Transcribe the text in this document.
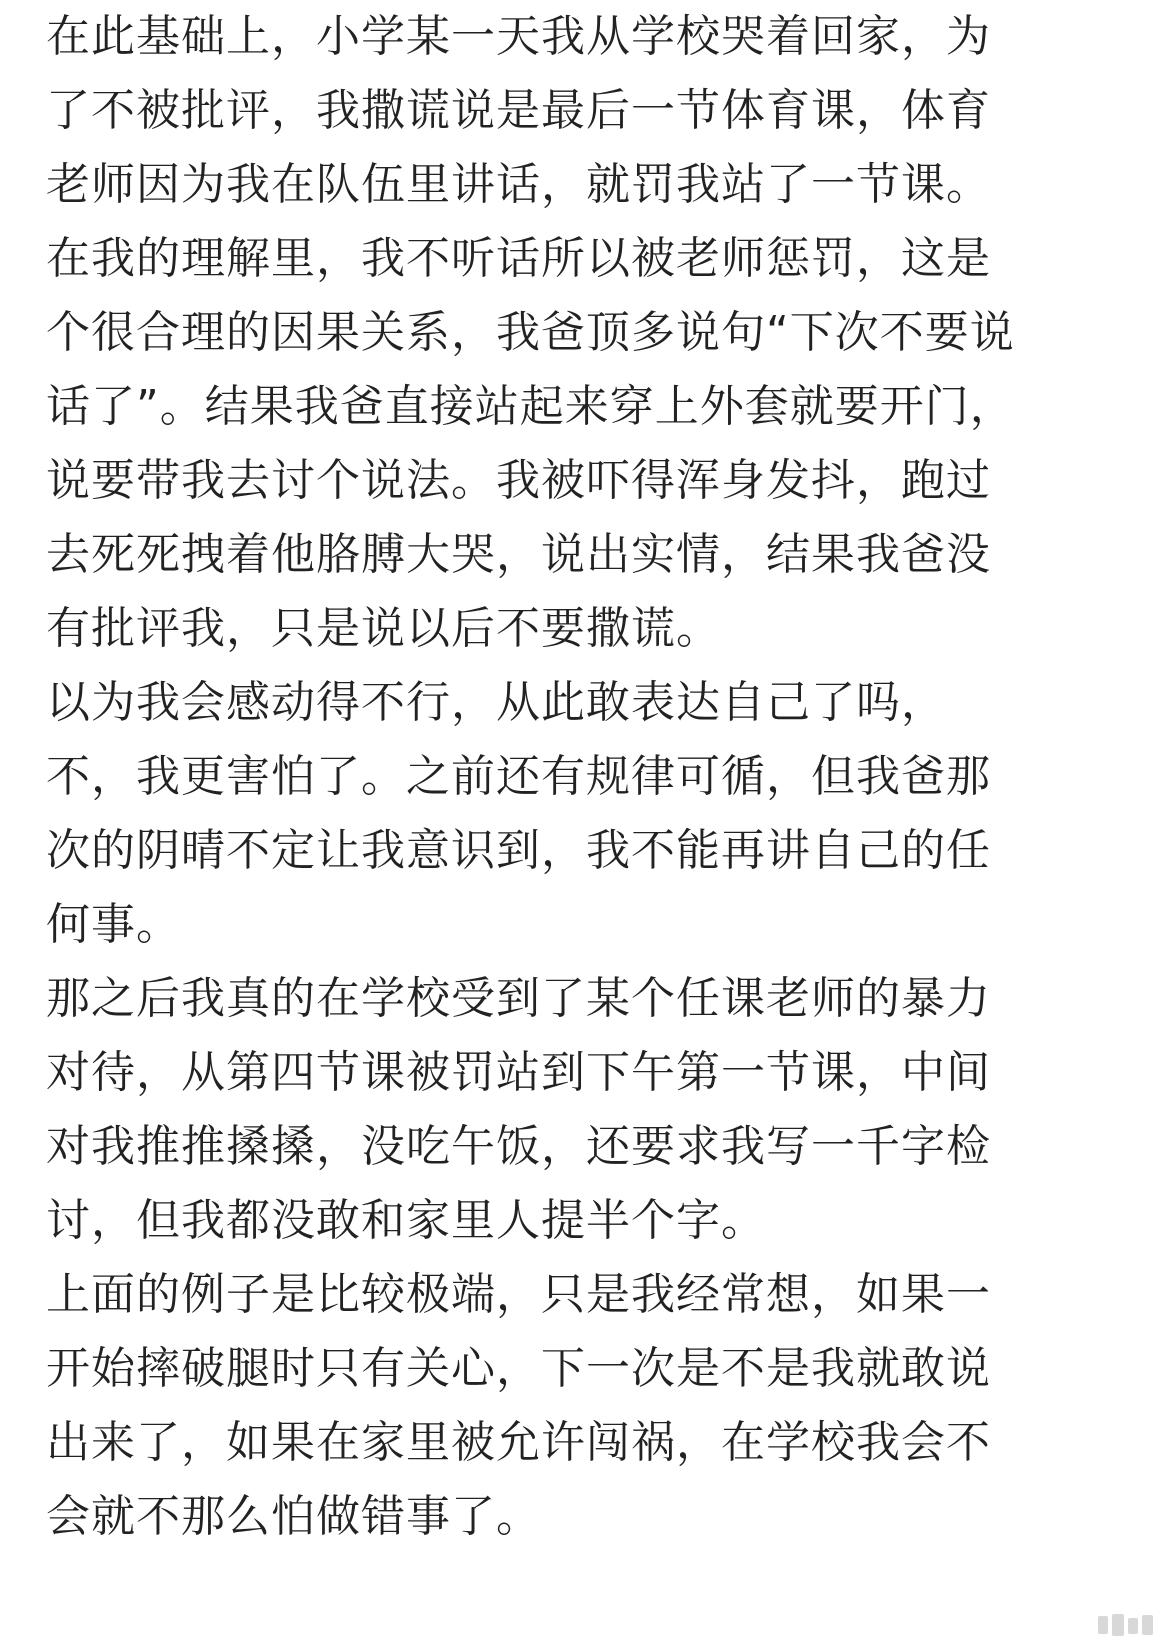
在此基础上，小学某一天我从学校哭着回家，为
了不被批评，我撒谎说是最后一节体育课，体育
老师因为我在队伍里讲话，就罚我站了一节课。
在我的理解里，我不听话所以被老师惩罚，这是
个很合理的因果关系，我爸顶多说句“下次不要说
话了”。结果我爸直接站起来穿上外套就要开门，
说要带我去讨个说法。我被吓得浑身发抖，跑过
去死死拽着他胳膊大哭，说出实情，结果我爸没
有批评我，只是说以后不要撒谎。
以为我会感动得不行，从此敢表达自己了吗，
不，我更害怕了。之前还有规律可循，但我爸那
次的阴晴不定让我意识到，我不能再讲自己的任
何事。
那之后我真的在学校受到了某个任课老师的暴力
对待，从第四节课被罚站到下午第一节课，中间
对我推推搡搡，没吃午饭，还要求我写一千字检
讨，但我都没敢和家里人提半个字。
上面的例子是比较极端，只是我经常想，如果一
开始摔破腿时只有关心，下一次是不是我就敢说
出来了，如果在家里被允许闯祸，在学校我会不
会就不那么怕做错事了。
